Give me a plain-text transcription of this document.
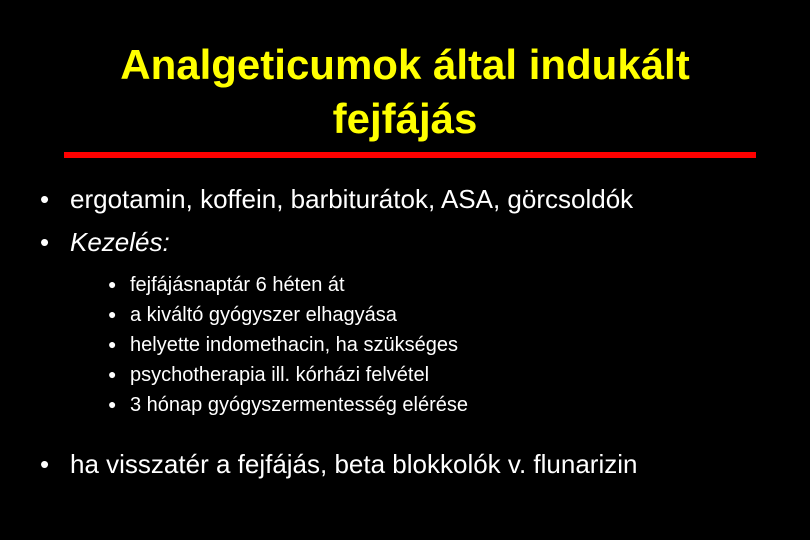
Analgeticumok által indukált
fejfájás
• ergotamin, koffein, barbiturátok, ASA, görcsoldók
• Kezelés:
● fejfájásnaptár 6 héten át
● a kiváltó gyógyszer elhagyása
● helyette indomethacin, ha szükséges
● psychotherapia ill. kórházi felvétel
● 3 hónap gyógyszermentesség elérése
• ha visszatér a fejfájás, beta blokkolók v. flunarizin
